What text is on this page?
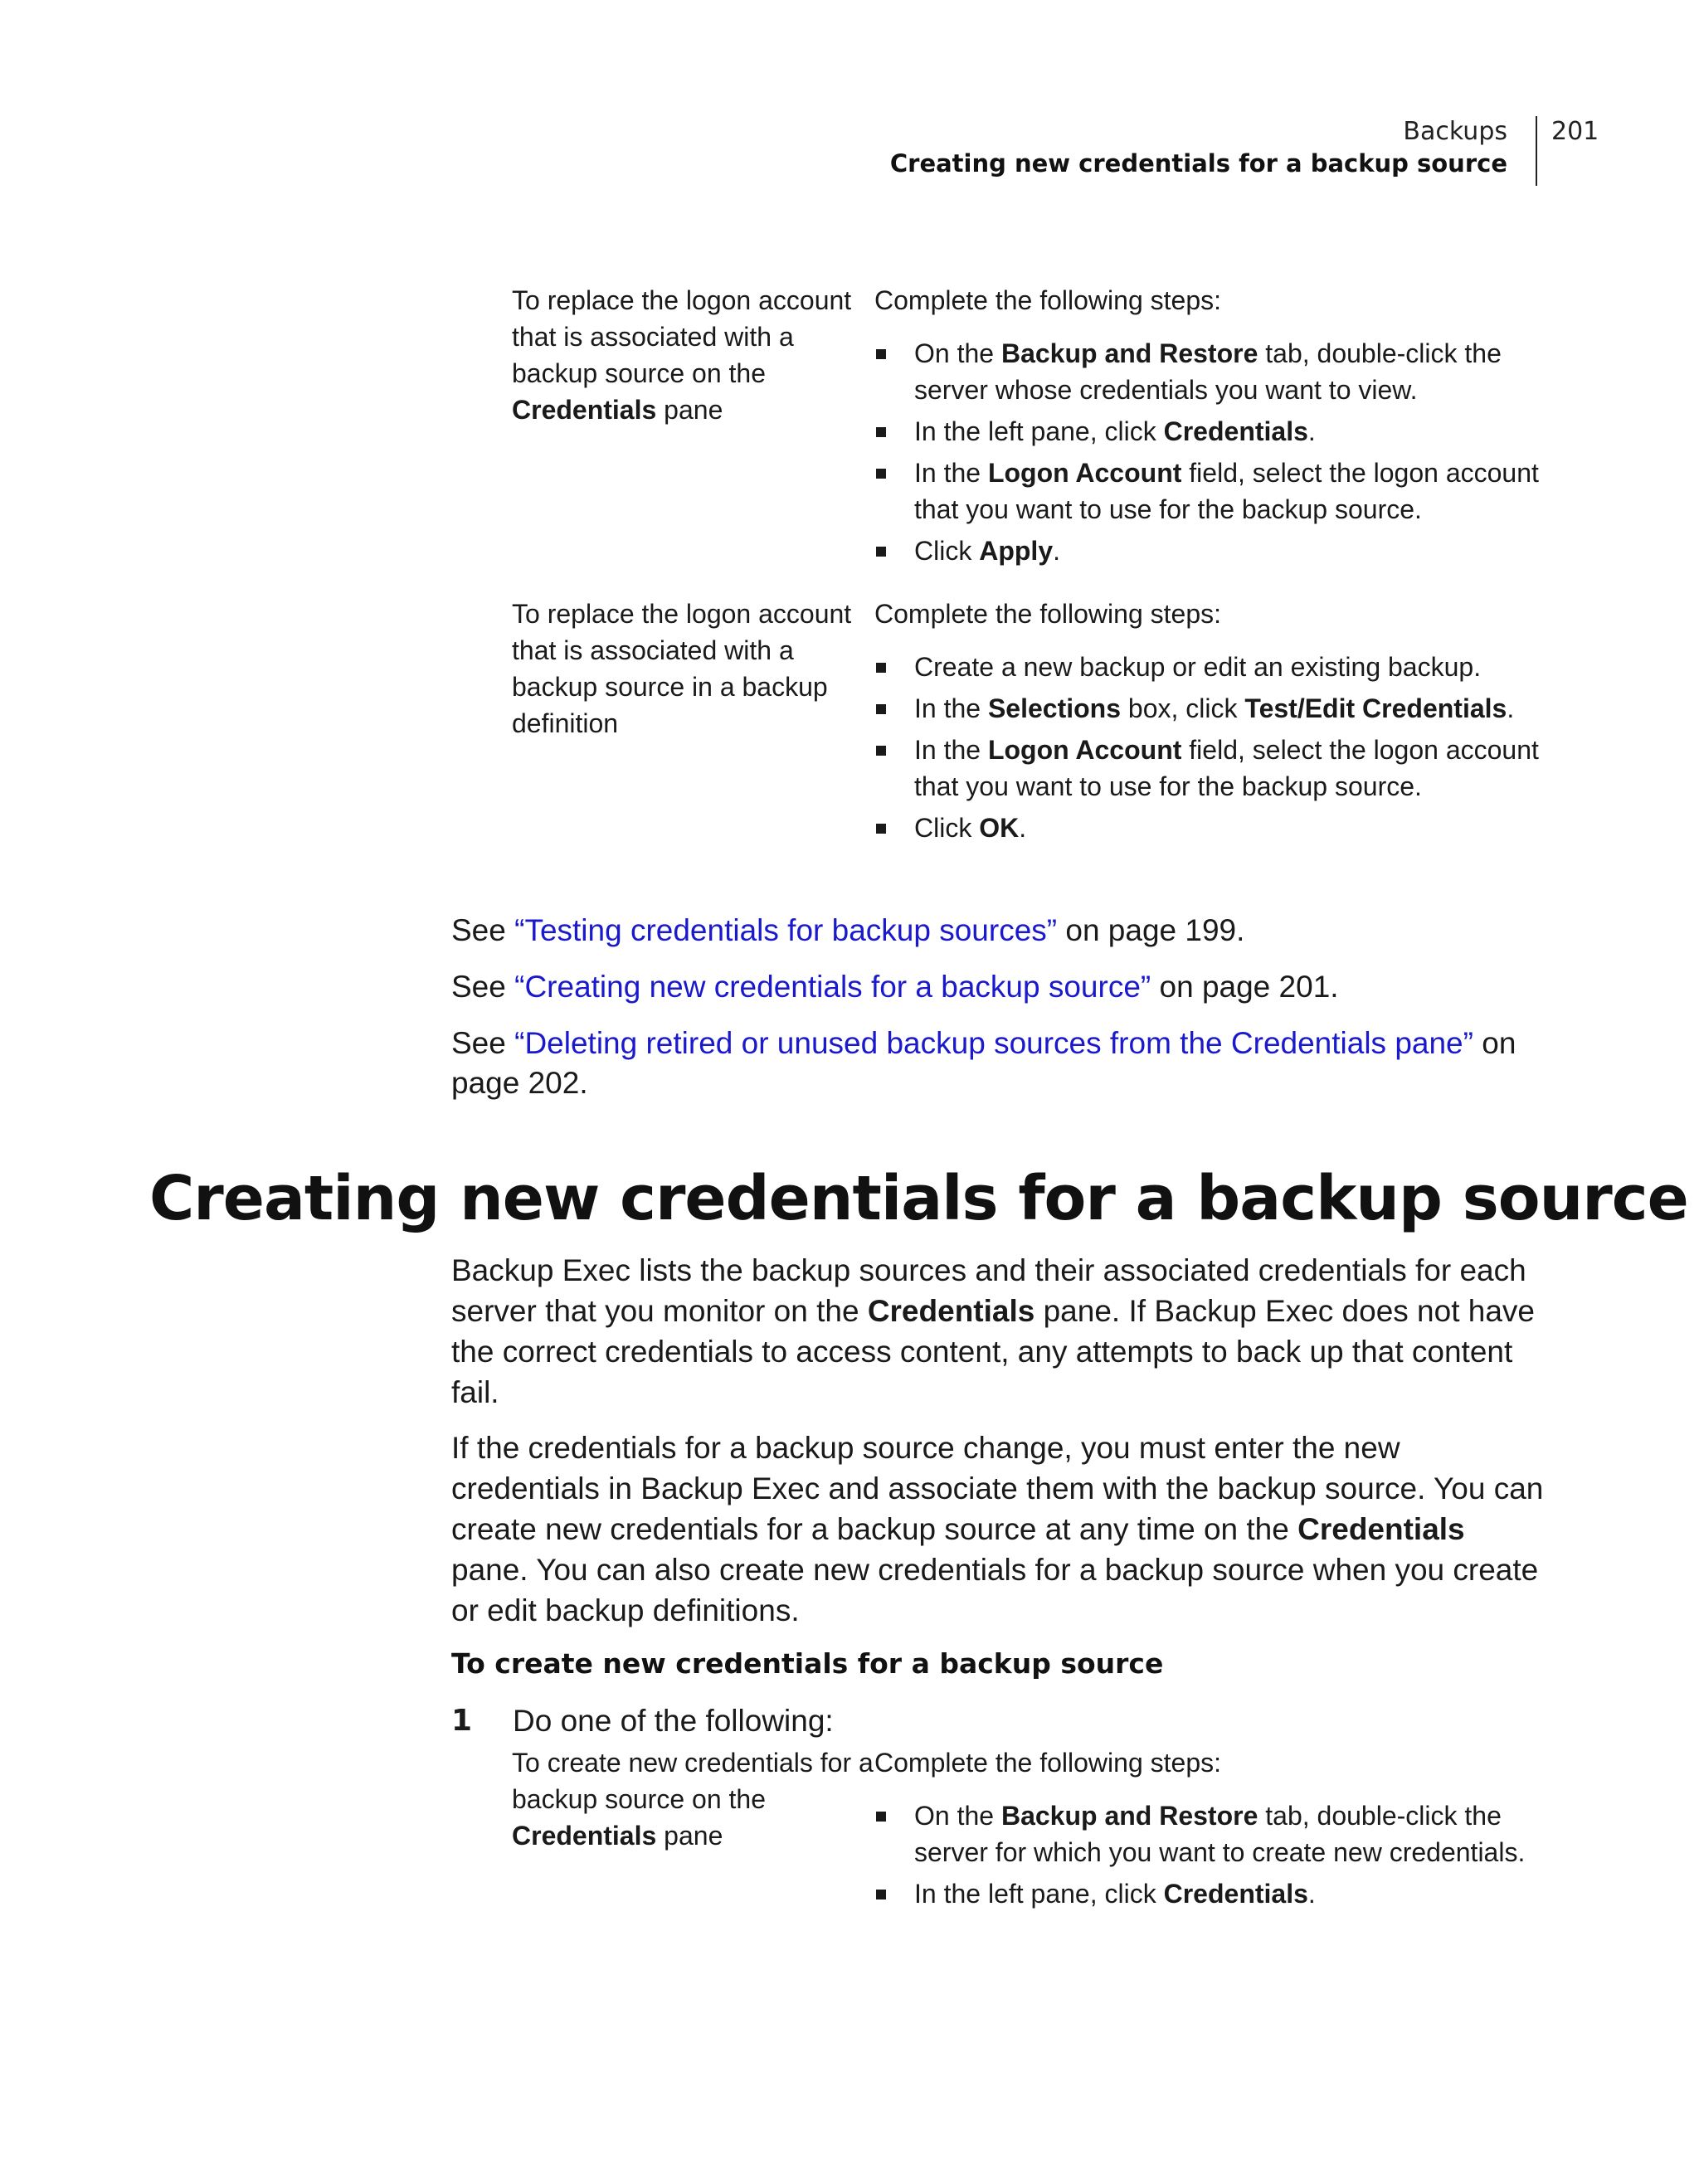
Backups
Creating new credentials for a backup source
201
To replace the logon account that is associated with a backup source on the Credentials pane

Complete the following steps:

On the Backup and Restore tab, double-click the server whose credentials you want to view.
In the left pane, click Credentials.
In the Logon Account field, select the logon account that you want to use for the backup source.
Click Apply.
To replace the logon account that is associated with a backup source in a backup definition

Complete the following steps:

Create a new backup or edit an existing backup.
In the Selections box, click Test/Edit Credentials.
In the Logon Account field, select the logon account that you want to use for the backup source.
Click OK.

See “Testing credentials for backup sources” on page 199.

See “Creating new credentials for a backup source” on page 201.

See “Deleting retired or unused backup sources from the Credentials pane” on page 202.

Creating new credentials for a backup source

Backup Exec lists the backup sources and their associated credentials for each server that you monitor on the Credentials pane. If Backup Exec does not have the correct credentials to access content, any attempts to back up that content fail.

If the credentials for a backup source change, you must enter the new credentials in Backup Exec and associate them with the backup source. You can create new credentials for a backup source at any time on the Credentials pane. You can also create new credentials for a backup source when you create or edit backup definitions.

To create new credentials for a backup source
1	Do one of the following:
To create new credentials for a backup source on the Credentials pane

Complete the following steps:

On the Backup and Restore tab, double-click the server for which you want to create new credentials.
In the left pane, click Credentials.
